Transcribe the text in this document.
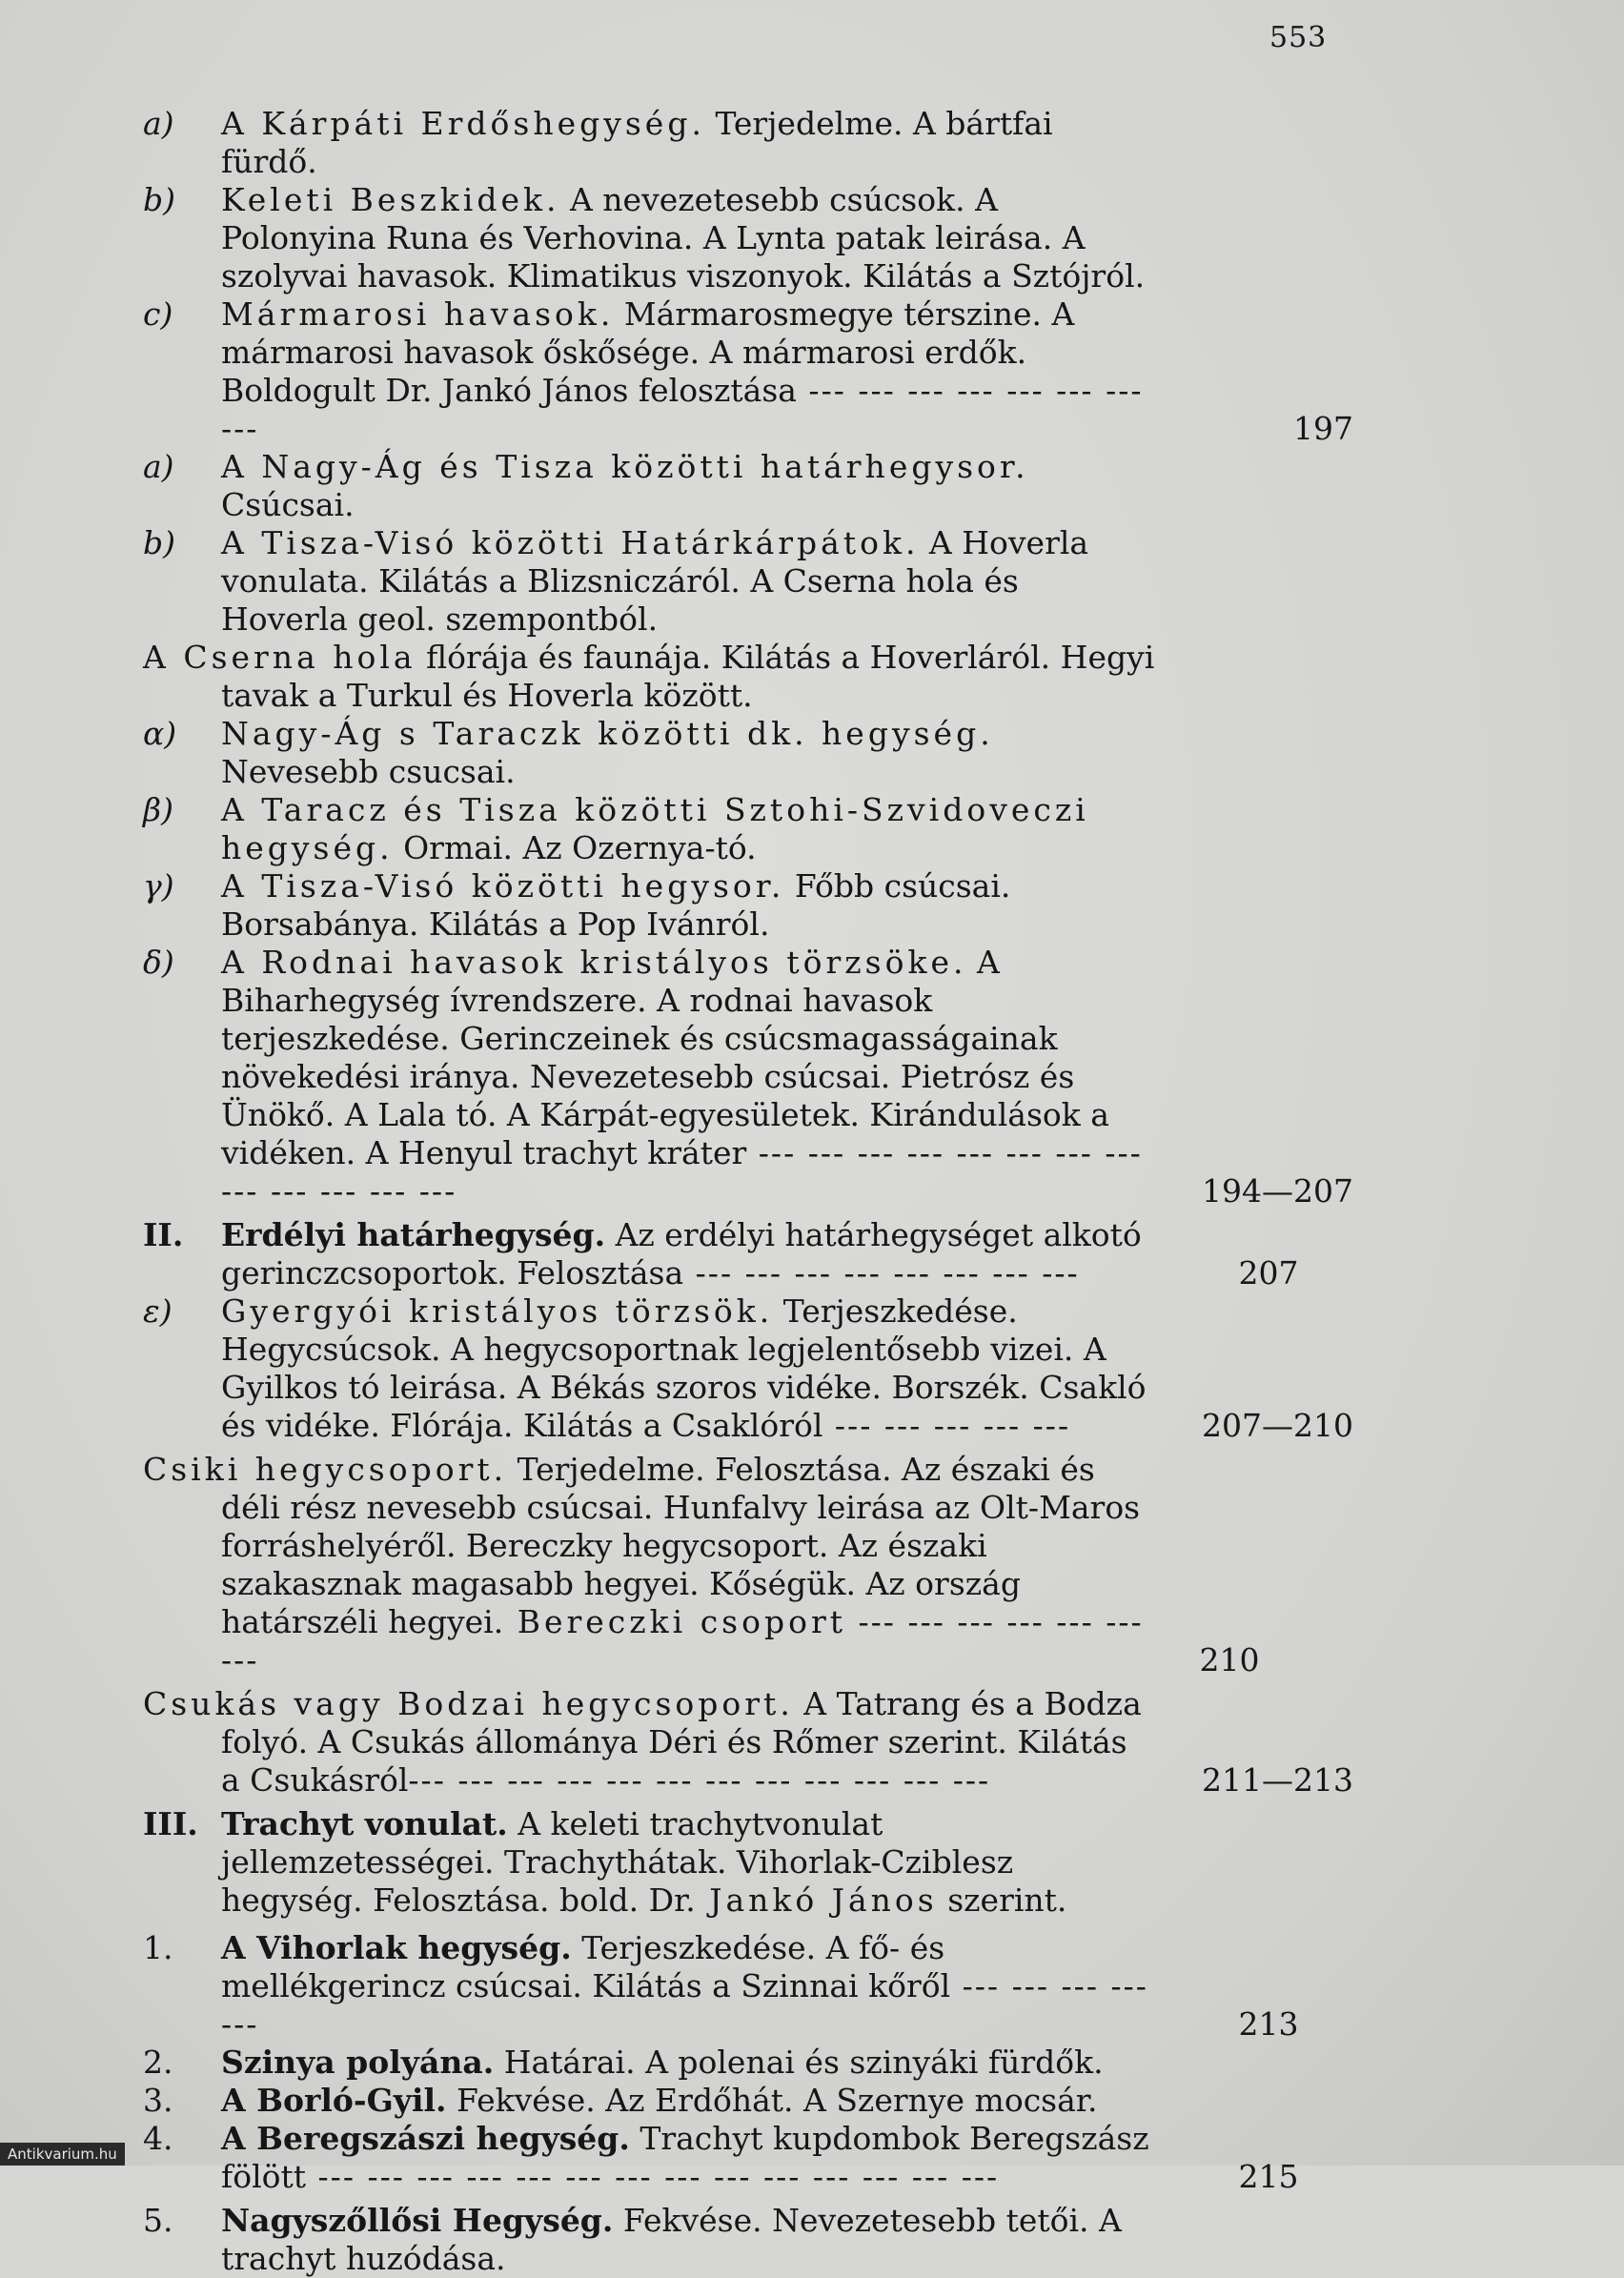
553
a) A Kárpáti Erdőshegység. Terjedelme. A bártfai fürdő.
b) Keleti Beszkidek. A nevezetesebb csúcsok. A Polonyina Runa és Verhovina. A Lynta patak leirása. A szolyvai havasok. Klimatikus viszonyok. Kilátás a Sztójról.
c) Mármarosi havasok. Mármarosmegye térszine. A mármarosi havasok őskősége. A mármarosi erdők. Boldogult Dr. Jankó János felosztása --- --- --- --- --- --- --- ---	197
a) A Nagy-Ág és Tisza közötti határhegysor. Csúcsai.
b) A Tisza-Visó közötti Határkárpátok. A Hoverla vonulata. Kilátás a Blizsniczáról. A Cserna hola és Hoverla geol. szempontból.
A Cserna hola flórája és faunája. Kilátás a Hoverláról. Hegyi tavak a Turkul és Hoverla között.
α) Nagy-Ág s Taraczk közötti dk. hegység. Nevesebb csucsai.
β) A Taracz és Tisza közötti Sztohi-Szvidoveczi hegység. Ormai. Az Ozernya-tó.
γ) A Tisza-Visó közötti hegysor. Főbb csúcsai. Borsabánya. Kilátás a Pop Ivánról.
δ) A Rodnai havasok kristályos törzsöke. A Biharhegység ívrendszere. A rodnai havasok terjeszkedése. Gerinczeinek és csúcsmagasságainak növekedési iránya. Nevezetesebb csúcsai. Pietrósz és Ünökő. A Lala tó. A Kárpát-egyesületek. Kirándulások a vidéken. A Henyul trachyt kráter --- --- --- --- --- --- --- --- --- --- --- --- ---	194—207
II. Erdélyi határhegység. Az erdélyi határhegységet alkotó gerinczcsoportok. Felosztása --- --- --- --- --- --- --- ---	207
ε) Gyergyói kristályos törzsök. Terjeszkedése. Hegycsúcsok. A hegycsoportnak legjelentősebb vizei. A Gyilkos tó leirása. A Békás szoros vidéke. Borszék. Csakló és vidéke. Flórája. Kilátás a Csaklóról --- --- --- --- ---	207—210
Csiki hegycsoport. Terjedelme. Felosztása. Az északi és déli rész nevesebb csúcsai. Hunfalvy leirása az Olt-Maros forráshelyéről. Bereczky hegycsoport. Az északi szakasznak magasabb hegyei. Kőségük. Az ország határszéli hegyei. Bereczki csoport --- --- --- --- --- --- ---	210
Csukás vagy Bodzai hegycsoport. A Tatrang és a Bodza folyó. A Csukás állománya Déri és Rőmer szerint. Kilátás a Csukásról--- --- --- --- --- --- --- --- --- --- --- ---	211—213
III. Trachyt vonulat. A keleti trachytvonulat jellemzetességei. Trachythátak. Vihorlak-Cziblesz hegység. Felosztása. bold. Dr. Jankó János szerint.
1. A Vihorlak hegység. Terjeszkedése. A fő- és mellékgerincz csúcsai. Kilátás a Szinnai kőről --- --- --- --- ---	213
2. Szinya polyána. Határai. A polenai és szinyáki fürdők.
3. A Borló-Gyil. Fekvése. Az Erdőhát. A Szernye mocsár.
4. A Beregszászi hegység. Trachyt kupdombok Beregszász fölött --- --- --- --- --- --- --- --- --- --- --- --- --- ---	215
5. Nagyszőllősi Hegység. Fekvése. Nevezetesebb tetői. A trachyt huzódása.
Antikvarium.hu
